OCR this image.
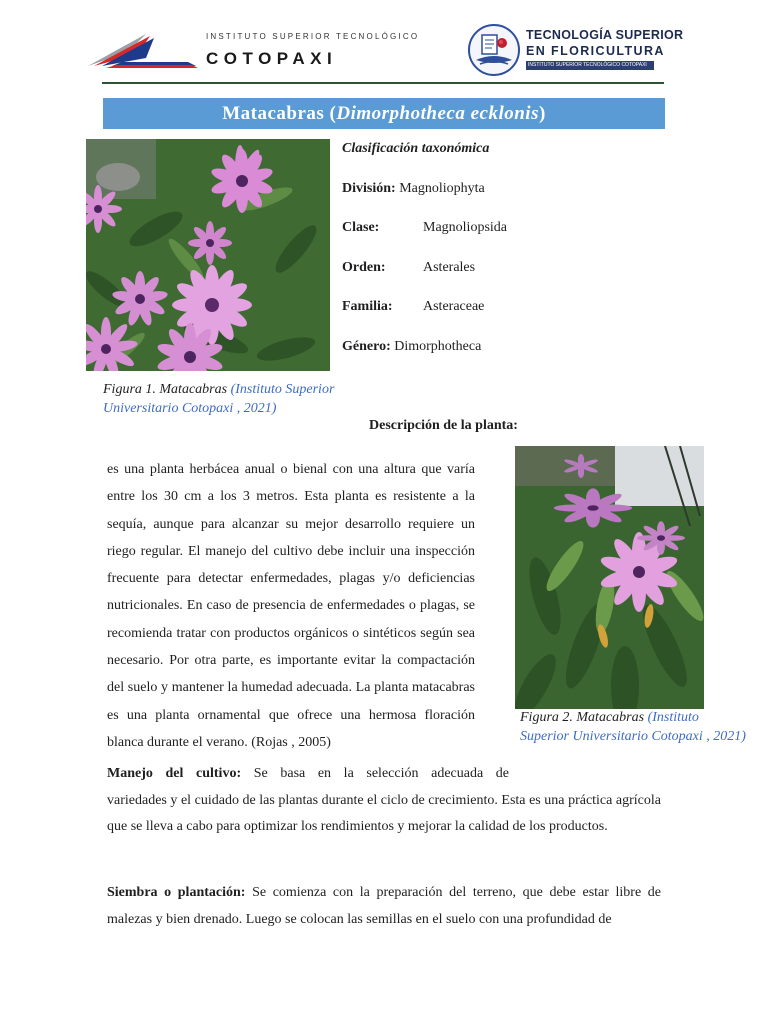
INSTITUTO SUPERIOR TECNOLÓGICO
COTOPAXI
TECNOLOGÍA SUPERIOR
EN FLORICULTURA
INSTITUTO SUPERIOR TECNOLÓGICO COTOPAXI
Matacabras (Dimorphotheca ecklonis)
Clasificación taxonómica
División: Magnoliophyta
Clase:	Magnoliopsida
Orden:	Asterales
Familia: Asteraceae
Género: Dimorphotheca
Figura 1. Matacabras (Instituto Superior Universitario Cotopaxi , 2021)
Descripción de la planta:
es una planta herbácea anual o bienal con una altura que varía entre los 30 cm a los 3 metros. Esta planta es resistente a la sequía, aunque para alcanzar su mejor desarrollo requiere un riego regular. El manejo del cultivo debe incluir una inspección frecuente para detectar enfermedades, plagas y/o deficiencias nutricionales. En caso de presencia de enfermedades o plagas, se recomienda tratar con productos orgánicos o sintéticos según sea necesario. Por otra parte, es importante evitar la compactación del suelo y mantener la humedad adecuada. La planta matacabras es una planta ornamental que ofrece una hermosa floración blanca durante el verano. (Rojas , 2005)
Figura 2. Matacabras (Instituto
Superior Universitario Cotopaxi , 2021)
Manejo del cultivo: Se basa en la selección adecuada de
variedades y el cuidado de las plantas durante el ciclo de crecimiento. Esta es una práctica agrícola que se lleva a cabo para optimizar los rendimientos y mejorar la calidad de los productos.
Siembra o plantación: Se comienza con la preparación del terreno, que debe estar libre de malezas y bien drenado. Luego se colocan las semillas en el suelo con una profundidad de
